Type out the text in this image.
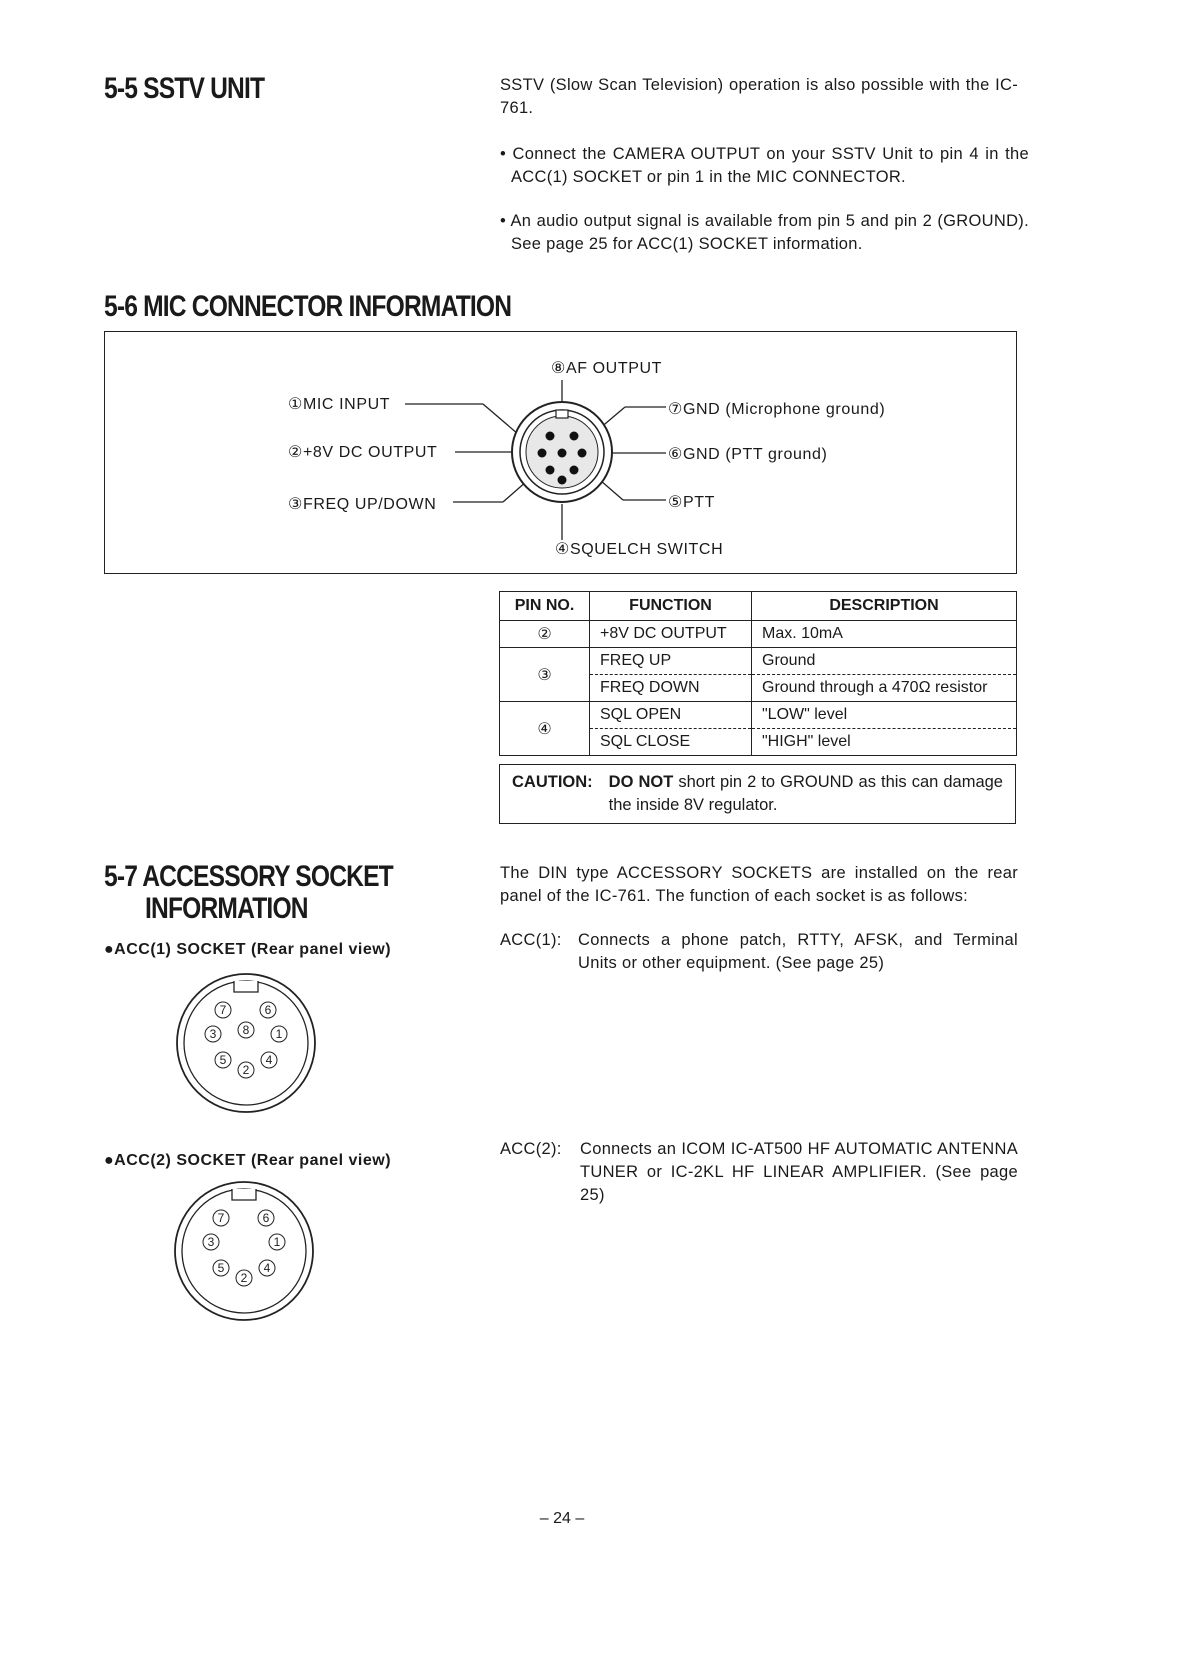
5-5 SSTV UNIT	SSTV (Slow Scan Television) operation is also possible with the IC-761.
• Connect the CAMERA OUTPUT on your SSTV Unit to pin 4 in the ACC(1) SOCKET or pin 1 in the MIC CONNECTOR.
• An audio output signal is available from pin 5 and pin 2 (GROUND). See page 25 for ACC(1) SOCKET information.
5-6 MIC CONNECTOR INFORMATION
⑧AF OUTPUT
①MIC INPUT
②+8V DC OUTPUT
③FREQ UP/DOWN
⑦GND (Microphone ground)
⑥GND (PTT ground)
⑤PTT
④SQUELCH SWITCH
PIN NO.	FUNCTION	DESCRIPTION
②	+8V DC OUTPUT	Max. 10mA
③	FREQ UP	Ground
	FREQ DOWN	Ground through a 470Ω resistor
④	SQL OPEN	"LOW" level
	SQL CLOSE	"HIGH" level
CAUTION: DO NOT short pin 2 to GROUND as this can damage the inside 8V regulator.
5-7 ACCESSORY SOCKET
INFORMATION
The DIN type ACCESSORY SOCKETS are installed on the rear panel of the IC-761. The function of each socket is as follows:
●ACC(1) SOCKET (Rear panel view)
ACC(1): Connects a phone patch, RTTY, AFSK, and Terminal Units or other equipment. (See page 25)
7	6
3 8 1
5
2
4
●ACC(2) SOCKET (Rear panel view)
ACC(2):	Connects an ICOM IC-AT500 HF AUTOMATIC ANTENNA TUNER or IC-2KL HF LINEAR AMPLIFIER. (See page 25)
7	6
3	1
5
2
4
– 24 –
